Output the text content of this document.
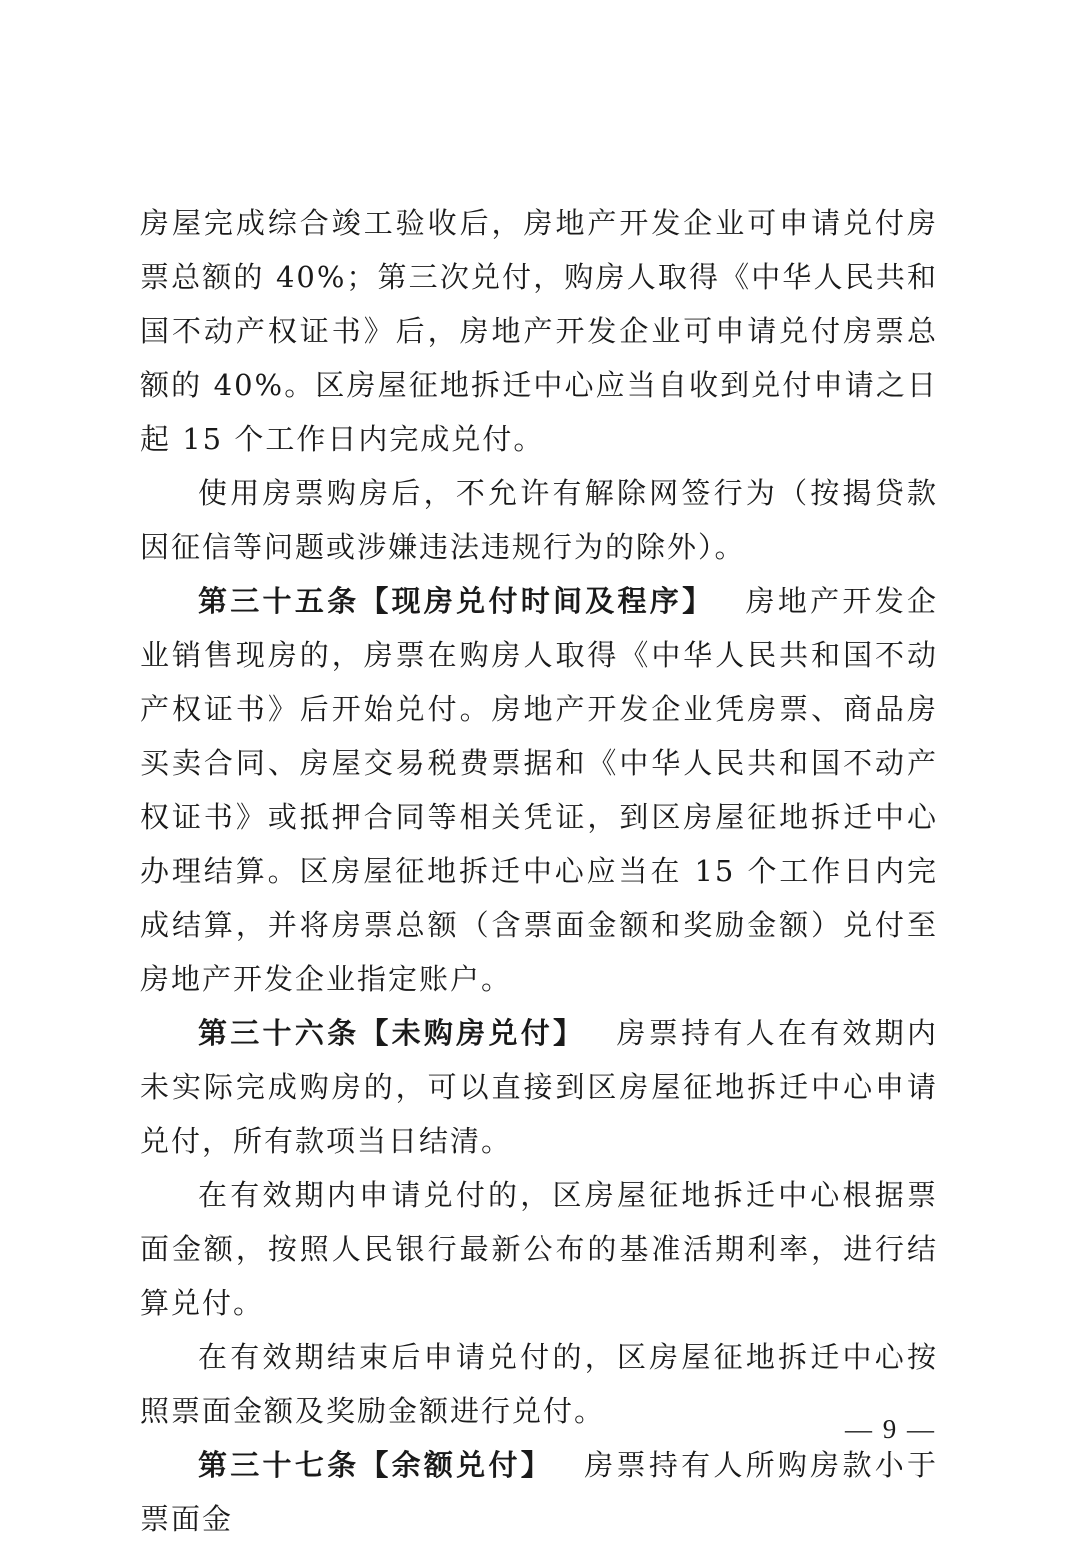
房屋完成综合竣工验收后，房地产开发企业可申请兑付房票总额的 40%；第三次兑付，购房人取得《中华人民共和国不动产权证书》后，房地产开发企业可申请兑付房票总额的 40%。区房屋征地拆迁中心应当自收到兑付申请之日起 15 个工作日内完成兑付。

使用房票购房后，不允许有解除网签行为（按揭贷款因征信等问题或涉嫌违法违规行为的除外）。

第三十五条【现房兑付时间及程序】 房地产开发企业销售现房的，房票在购房人取得《中华人民共和国不动产权证书》后开始兑付。房地产开发企业凭房票、商品房买卖合同、房屋交易税费票据和《中华人民共和国不动产权证书》或抵押合同等相关凭证，到区房屋征地拆迁中心办理结算。区房屋征地拆迁中心应当在 15 个工作日内完成结算，并将房票总额（含票面金额和奖励金额）兑付至房地产开发企业指定账户。

第三十六条【未购房兑付】 房票持有人在有效期内未实际完成购房的，可以直接到区房屋征地拆迁中心申请兑付，所有款项当日结清。

在有效期内申请兑付的，区房屋征地拆迁中心根据票面金额，按照人民银行最新公布的基准活期利率，进行结算兑付。

在有效期结束后申请兑付的，区房屋征地拆迁中心按照票面金额及奖励金额进行兑付。

第三十七条【余额兑付】 房票持有人所购房款小于票面金

— 9 —
